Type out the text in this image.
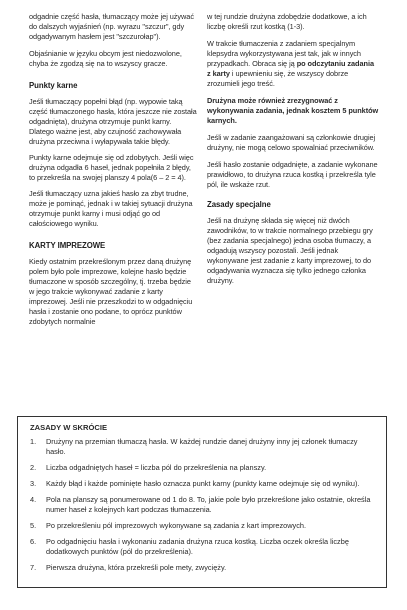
odgadnie część hasła, tłumaczący może jej używać do dalszych wyjaśnień (np. wyrazu "szczur", gdy odgadywanym hasłem jest "szczurołap").

Objaśnianie w języku obcym jest niedozwolone, chyba że zgodzą się na to wszyscy gracze.

Punkty karne

Jeśli tłumaczący popełni błąd (np. wypowie taką część tłumaczonego hasła, która jeszcze nie została odgadnięta), drużyna otrzymuje punkt karny. Dlatego ważne jest, aby czujność zachowywała drużyna przeciwna i wyłapywała takie błędy.

Punkty karne odejmuje się od zdobytych. Jeśli więc drużyna odgadła 6 haseł, jednak popełniła 2 błędy, to przekreśla na swojej planszy 4 pola(6 – 2 = 4).

Jeśli tłumaczący uzna jakieś hasło za zbyt trudne, może je pominąć, jednak i w takiej sytuacji drużyna otrzymuje punkt karny i musi odjąć go od całościowego wyniku.

KARTY IMPREZOWE

Kiedy ostatnim przekreślonym przez daną drużynę polem było pole imprezowe, kolejne hasło będzie tłumaczone w sposób szczególny, tj. trzeba będzie w jego trakcie wykonywać zadanie z karty imprezowej. Jeśli nie przeszkodzi to w odgadnięciu hasła i zostanie ono podane, to oprócz punktów zdobytych normalnie

w tej rundzie drużyna zdobędzie dodatkowe, a ich liczbę określi rzut kostką (1-3).

W trakcie tłumaczenia z zadaniem specjalnym klepsydra wykorzystywana jest tak, jak w innych przypadkach. Obraca się ją po odczytaniu zadania z karty i upewnieniu się, że wszyscy dobrze zrozumieli jego treść.

Drużyna może również zrezygnować z wykonywania zadania, jednak kosztem 5 punktów karnych.

Jeśli w zadanie zaangażowani są członkowie drugiej drużyny, nie mogą celowo spowalniać przeciwników.

Jeśli hasło zostanie odgadnięte, a zadanie wykonane prawidłowo, to drużyna rzuca kostką i przekreśla tyle pól, ile wskaże rzut.

Zasady specjalne

Jeśli na drużynę składa się więcej niż dwóch zawodników, to w trakcie normalnego przebiegu gry (bez zadania specjalnego) jedna osoba tłumaczy, a odgadują wszyscy pozostali. Jeśli jednak wykonywane jest zadanie z karty imprezowej, to do odgadywania wyznacza się tylko jednego członka drużyny.

ZASADY W SKRÓCIE
1.	Drużyny na przemian tłumaczą hasła. W każdej rundzie danej drużyny inny jej członek tłumaczy hasło.
2.	Liczba odgadniętych haseł = liczba pól do przekreślenia na planszy.
3.	Każdy błąd i każde pominięte hasło oznacza punkt karny (punkty karne odejmuje się od wyniku).
4.	Pola na planszy są ponumerowane od 1 do 8. To, jakie pole było przekreślone jako ostatnie, określa numer haseł z kolejnych kart podczas tłumaczenia.
5.	Po przekreśleniu pól imprezowych wykonywane są zadania z kart imprezowych.
6.	Po odgadnięciu hasła i wykonaniu zadania drużyna rzuca kostką. Liczba oczek określa liczbę dodatkowych punktów (pól do przekreślenia).
7.	Pierwsza drużyna, która przekreśli pole mety, zwycięży.
